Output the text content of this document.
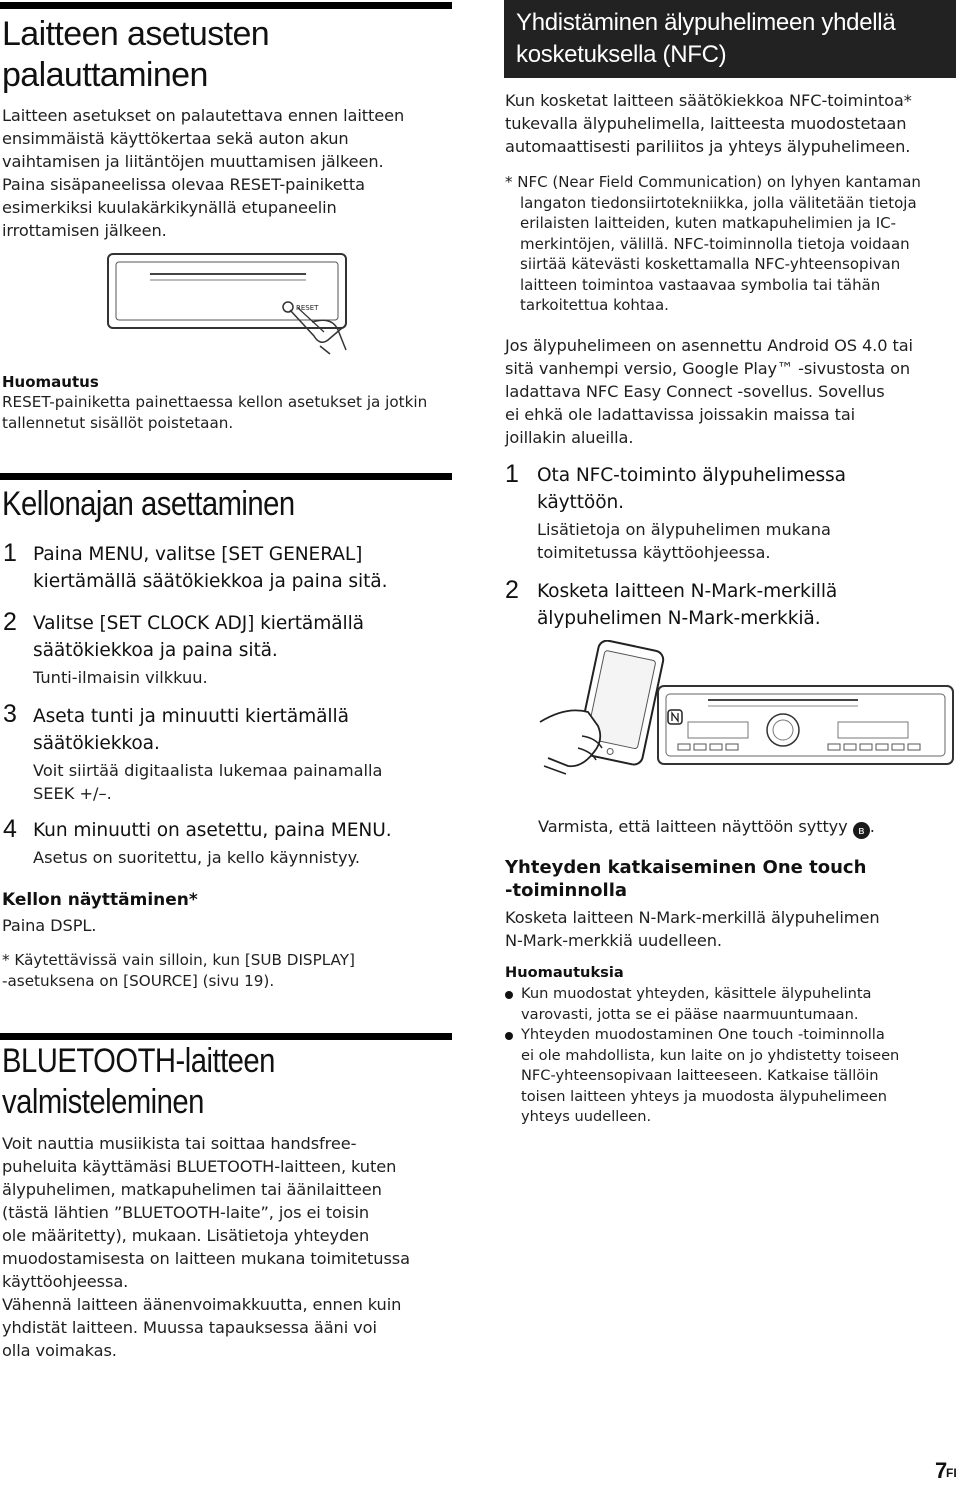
Laitteen asetusten
palauttaminen
Laitteen asetukset on palautettava ennen laitteen
ensimmäistä käyttökertaa sekä auton akun
vaihtamisen ja liitäntöjen muuttamisen jälkeen.
Paina sisäpaneelissa olevaa RESET-painiketta
esimerkiksi kuulakärkikynällä etupaneelin
irrottamisen jälkeen.
RESET
Huomautus
RESET-painiketta painettaessa kellon asetukset ja jotkin
tallennetut sisällöt poistetaan.
Kellonajan asettaminen
1 Paina MENU, valitse [SET GENERAL]
kiertämällä säätökiekkoa ja paina sitä.
2 Valitse [SET CLOCK ADJ] kiertämällä
säätökiekkoa ja paina sitä.
Tunti-ilmaisin vilkkuu.
3 Aseta tunti ja minuutti kiertämällä
säätökiekkoa.
Voit siirtää digitaalista lukemaa painamalla
SEEK +/–.
4 Kun minuutti on asetettu, paina MENU.
Asetus on suoritettu, ja kello käynnistyy.
Kellon näyttäminen*
Paina DSPL.
* Käytettävissä vain silloin, kun [SUB DISPLAY]
-asetuksena on [SOURCE] (sivu 19).
BLUETOOTH-laitteen
valmisteleminen
Voit nauttia musiikista tai soittaa handsfree-
puheluita käyttämäsi BLUETOOTH-laitteen, kuten
älypuhelimen, matkapuhelimen tai äänilaitteen
(tästä lähtien ”BLUETOOTH-laite”, jos ei toisin
ole määritetty), mukaan. Lisätietoja yhteyden
muodostamisesta on laitteen mukana toimitetussa
käyttöohjeessa.
Vähennä laitteen äänenvoimakkuutta, ennen kuin
yhdistät laitteen. Muussa tapauksessa ääni voi
olla voimakas.
Yhdistäminen älypuhelimeen yhdellä
kosketuksella (NFC)
Kun kosketat laitteen säätökiekkoa NFC-toimintoa*
tukevalla älypuhelimella, laitteesta muodostetaan
automaattisesti pariliitos ja yhteys älypuhelimeen.
* NFC (Near Field Communication) on lyhyen kantaman
langaton tiedonsiirtotekniikka, jolla välitetään tietoja
erilaisten laitteiden, kuten matkapuhelimien ja IC-
merkintöjen, välillä. NFC-toiminnolla tietoja voidaan
siirtää kätevästi koskettamalla NFC-yhteensopivan
laitteen toimintoa vastaavaa symbolia tai tähän
tarkoitettua kohtaa.
Jos älypuhelimeen on asennettu Android OS 4.0 tai
sitä vanhempi versio, Google Play™ -sivustosta on
ladattava NFC Easy Connect -sovellus. Sovellus
ei ehkä ole ladattavissa joissakin maissa tai
joillakin alueilla.
1 Ota NFC-toiminto älypuhelimessa
käyttöön.
Lisätietoja on älypuhelimen mukana
toimitetussa käyttöohjeessa.
2 Kosketa laitteen N-Mark-merkillä
älypuhelimen N-Mark-merkkiä.
Varmista, että laitteen näyttöön syttyy ʙ .
Yhteyden katkaiseminen One touch
-toiminnolla
Kosketa laitteen N-Mark-merkillä älypuhelimen
N-Mark-merkkiä uudelleen.
Huomautuksia
Kun muodostat yhteyden, käsittele älypuhelinta
varovasti, jotta se ei pääse naarmuuntumaan.
Yhteyden muodostaminen One touch -toiminnolla
ei ole mahdollista, kun laite on jo yhdistetty toiseen
NFC-yhteensopivaan laitteeseen. Katkaise tällöin
toisen laitteen yhteys ja muodosta älypuhelimeen
yhteys uudelleen.
7
FI
